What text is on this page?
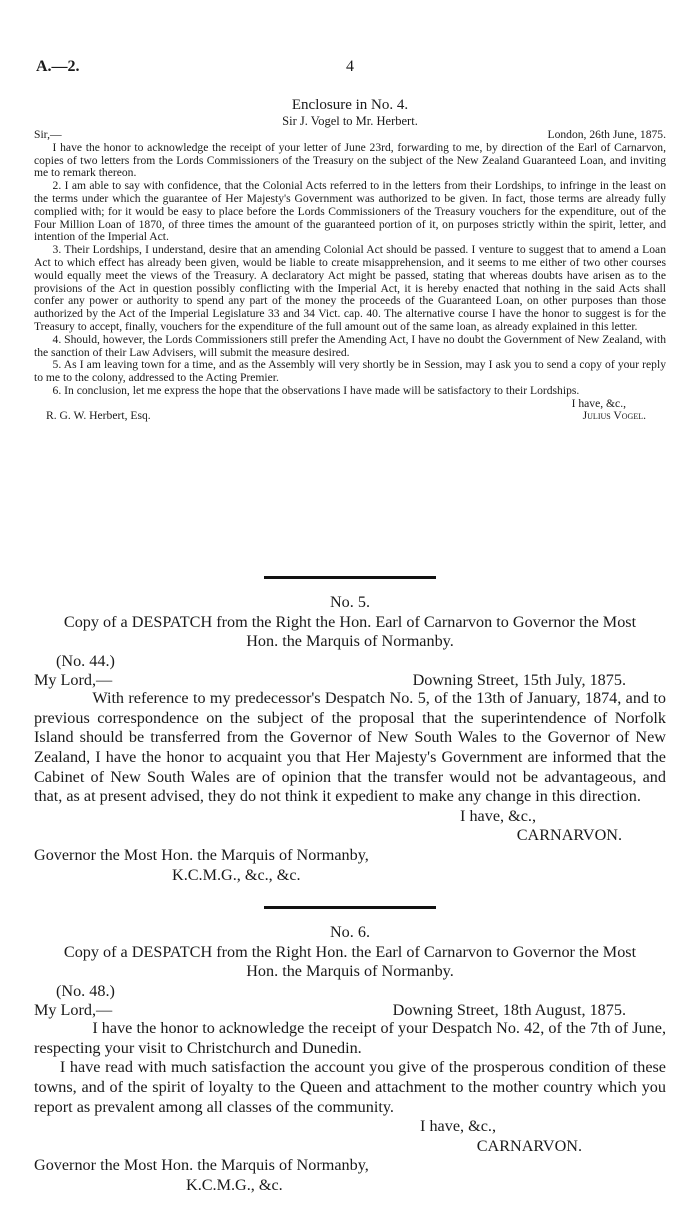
A.—2.	4

Enclosure in No. 4.

Sir J. Vogel to Mr. Herbert.

Sir,—	London, 26th June, 1875.

I have the honor to acknowledge the receipt of your letter of June 23rd, forwarding to me, by direction of the Earl of Carnarvon, copies of two letters from the Lords Commissioners of the Treasury on the subject of the New Zealand Guaranteed Loan, and inviting me to remark thereon.

2. I am able to say with confidence, that the Colonial Acts referred to in the letters from their Lordships, to infringe in the least on the terms under which the guarantee of Her Majesty's Government was authorized to be given. In fact, those terms are already fully complied with; for it would be easy to place before the Lords Commissioners of the Treasury vouchers for the expenditure, out of the Four Million Loan of 1870, of three times the amount of the guaranteed portion of it, on purposes strictly within the spirit, letter, and intention of the Imperial Act.

3. Their Lordships, I understand, desire that an amending Colonial Act should be passed. I venture to suggest that to amend a Loan Act to which effect has already been given, would be liable to create misapprehension, and it seems to me either of two other courses would equally meet the views of the Treasury. A declaratory Act might be passed, stating that whereas doubts have arisen as to the provisions of the Act in question possibly conflicting with the Imperial Act, it is hereby enacted that nothing in the said Acts shall confer any power or authority to spend any part of the money the proceeds of the Guaranteed Loan, on other purposes than those authorized by the Act of the Imperial Legislature 33 and 34 Vict. cap. 40. The alternative course I have the honor to suggest is for the Treasury to accept, finally, vouchers for the expenditure of the full amount out of the same loan, as already explained in this letter.

4. Should, however, the Lords Commissioners still prefer the Amending Act, I have no doubt the Government of New Zealand, with the sanction of their Law Advisers, will submit the measure desired.

5. As I am leaving town for a time, and as the Assembly will very shortly be in Session, may I ask you to send a copy of your reply to me to the colony, addressed to the Acting Premier.

6. In conclusion, let me express the hope that the observations I have made will be satisfactory to their Lordships.

I have, &c.,

R. G. W. Herbert, Esq.	Julius Vogel.

No. 5.

Copy of a DESPATCH from the Right the Hon. Earl of Carnarvon to Governor the Most Hon. the Marquis of Normanby.

(No. 44.)

My Lord,—	Downing Street, 15th July, 1875.

With reference to my predecessor's Despatch No. 5, of the 13th of January, 1874, and to previous correspondence on the subject of the proposal that the superintendence of Norfolk Island should be transferred from the Governor of New South Wales to the Governor of New Zealand, I have the honor to acquaint you that Her Majesty's Government are informed that the Cabinet of New South Wales are of opinion that the transfer would not be advantageous, and that, as at present advised, they do not think it expedient to make any change in this direction.

I have, &c.,

CARNARVON.

Governor the Most Hon. the Marquis of Normanby,

K.C.M.G., &c., &c.

No. 6.

Copy of a DESPATCH from the Right Hon. the Earl of Carnarvon to Governor the Most Hon. the Marquis of Normanby.

(No. 48.)

My Lord,—	Downing Street, 18th August, 1875.

I have the honor to acknowledge the receipt of your Despatch No. 42, of the 7th of June, respecting your visit to Christchurch and Dunedin.

I have read with much satisfaction the account you give of the prosperous condition of these towns, and of the spirit of loyalty to the Queen and attachment to the mother country which you report as prevalent among all classes of the community.

I have, &c.,

CARNARVON.

Governor the Most Hon. the Marquis of Normanby,

K.C.M.G., &c.
